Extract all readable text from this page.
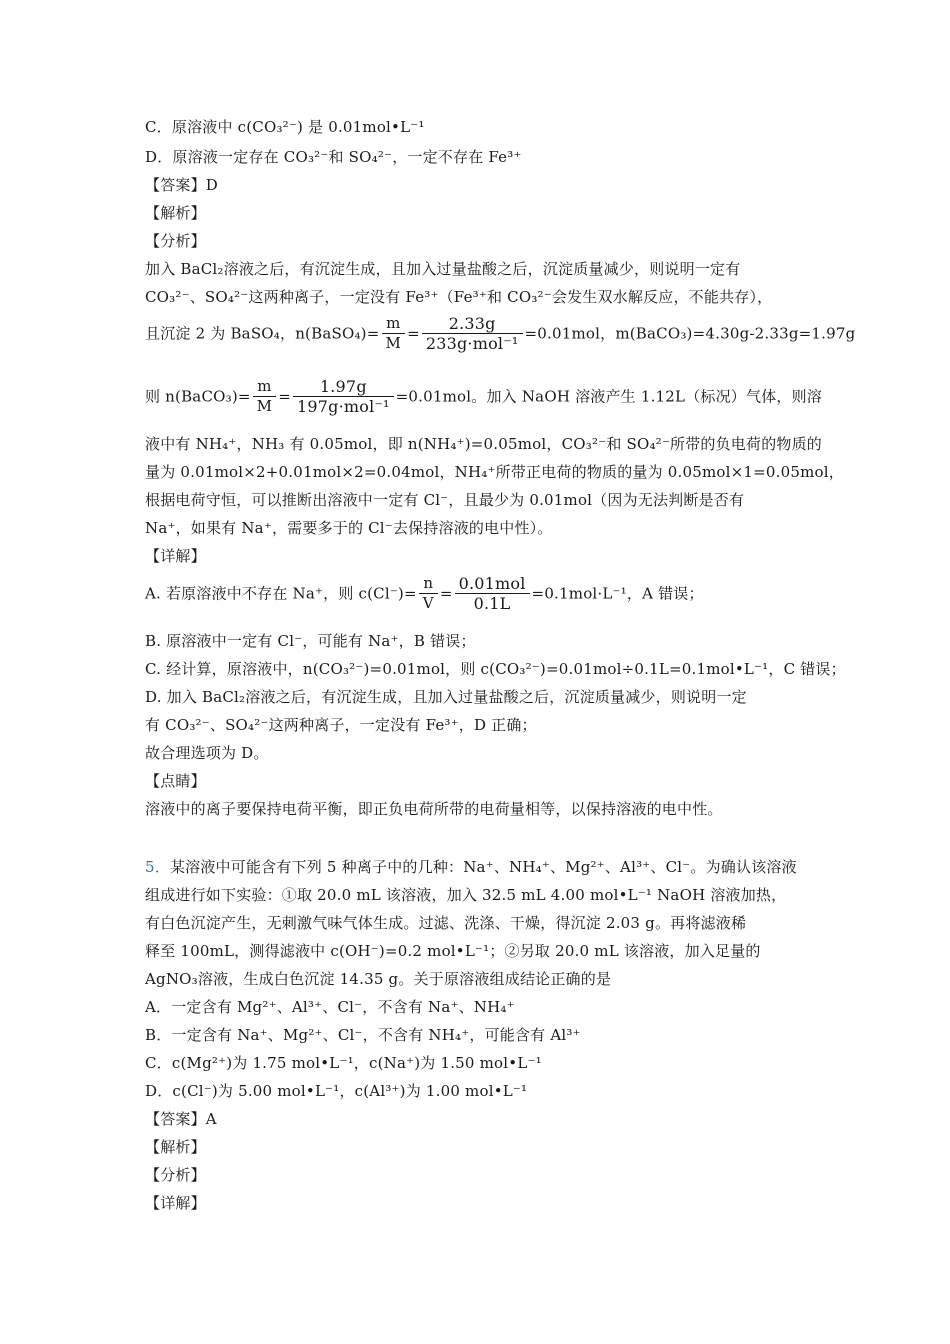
C．原溶液中 c(CO₃²⁻) 是 0.01mol•L⁻¹
D．原溶液一定存在 CO₃²⁻和 SO₄²⁻，一定不存在 Fe³⁺
【答案】D
【解析】
【分析】
加入 BaCl₂溶液之后，有沉淀生成，且加入过量盐酸之后，沉淀质量减少，则说明一定有
CO₃²⁻、SO₄²⁻这两种离子，一定没有 Fe³⁺（Fe³⁺和 CO₃²⁻会发生双水解反应，不能共存），
且沉淀 2 为 BaSO₄，n(BaSO₄)= $\frac{m}{M} = \frac{2.33g}{\text{233g·mol⁻¹}} =0.01mol$，m(BaCO₃)=4.30g-2.33g=1.97g
则 n(BaCO₃)= $\frac{m}{M} = \frac{1.97g}{\text{197g·mol⁻¹}} =0.01mol$。加入 NaOH 溶液产生 1.12L（标况）气体，则溶
液中有 NH₄⁺，NH₃ 有 0.05mol，即 n(NH₄⁺)=0.05mol，CO₃²⁻和 SO₄²⁻所带的负电荷的物质的
量为 0.01mol×2+0.01mol×2=0.04mol，NH₄⁺所带正电荷的物质的量为 0.05mol×1=0.05mol，
根据电荷守恒，可以推断出溶液中一定有 Cl⁻，且最少为 0.01mol（因为无法判断是否有
Na⁺，如果有 Na⁺，需要多于的 Cl⁻去保持溶液的电中性）。
【详解】
A. 若原溶液中不存在 Na⁺，则 $c(Cl^-)= \frac{n}{V} = \frac{\text{0.01mol}}{0.1L} =0.1mol\cdot L^{-1}$，A 错误；
B. 原溶液中一定有 Cl⁻，可能有 Na⁺，B 错误；
C. 经计算，原溶液中，n(CO₃²⁻)=0.01mol，则 c(CO₃²⁻)=0.01mol÷0.1L=0.1mol•L⁻¹，C 错误；
D. 加入 BaCl₂溶液之后，有沉淀生成，且加入过量盐酸之后，沉淀质量减少，则说明一定
有 CO₃²⁻、SO₄²⁻这两种离子，一定没有 Fe³⁺，D 正确；
故合理选项为 D。
【点睛】
溶液中的离子要保持电荷平衡，即正负电荷所带的电荷量相等，以保持溶液的电中性。
5．某溶液中可能含有下列 5 种离子中的几种：Na⁺、NH₄⁺、Mg²⁺、Al³⁺、Cl⁻。为确认该溶液
组成进行如下实验：①取 20.0 mL 该溶液，加入 32.5 mL 4.00 mol•L⁻¹ NaOH 溶液加热，
有白色沉淀产生，无刺激气味气体生成。过滤、洗涤、干燥，得沉淀 2.03 g。再将滤液稀
释至 100mL，测得滤液中 c(OH⁻)=0.2 mol•L⁻¹；②另取 20.0 mL 该溶液，加入足量的
AgNO₃溶液，生成白色沉淀 14.35 g。关于原溶液组成结论正确的是
A．一定含有 Mg²⁺、Al³⁺、Cl⁻，不含有 Na⁺、NH₄⁺
B．一定含有 Na⁺、Mg²⁺、Cl⁻，不含有 NH₄⁺，可能含有 Al³⁺
C．c(Mg²⁺)为 1.75 mol•L⁻¹，c(Na⁺)为 1.50 mol•L⁻¹
D．c(Cl⁻)为 5.00 mol•L⁻¹，c(Al³⁺)为 1.00 mol•L⁻¹
【答案】A
【解析】
【分析】
【详解】
